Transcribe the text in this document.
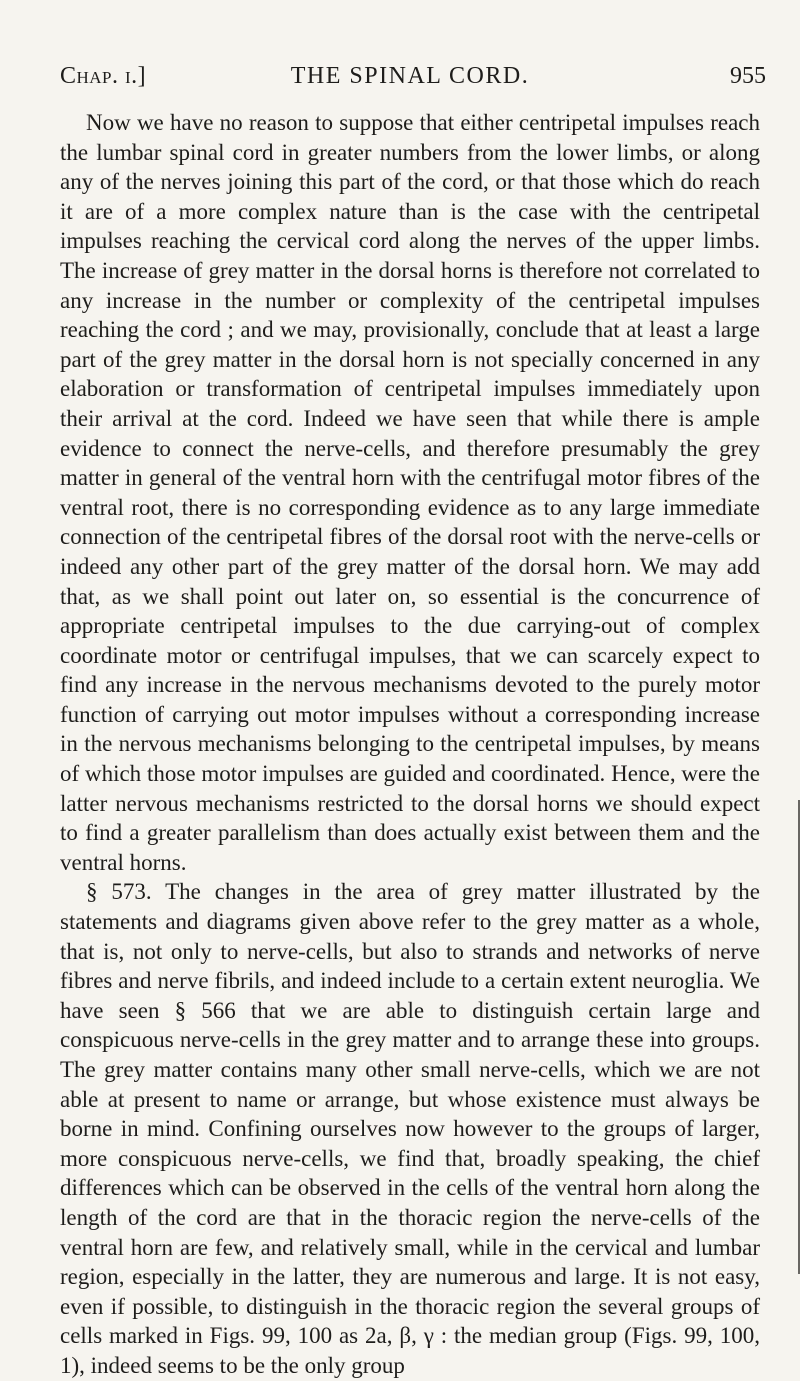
Chap. i.]	THE SPINAL CORD.	955

Now we have no reason to suppose that either centripetal impulses reach the lumbar spinal cord in greater numbers from the lower limbs, or along any of the nerves joining this part of the cord, or that those which do reach it are of a more complex nature than is the case with the centripetal impulses reaching the cervical cord along the nerves of the upper limbs. The increase of grey matter in the dorsal horns is therefore not correlated to any increase in the number or complexity of the centripetal impulses reaching the cord ; and we may, provisionally, conclude that at least a large part of the grey matter in the dorsal horn is not specially concerned in any elaboration or transformation of centripetal impulses immediately upon their arrival at the cord. Indeed we have seen that while there is ample evidence to connect the nerve-cells, and therefore presumably the grey matter in general of the ventral horn with the centrifugal motor fibres of the ventral root, there is no corresponding evidence as to any large immediate connection of the centripetal fibres of the dorsal root with the nerve-cells or indeed any other part of the grey matter of the dorsal horn. We may add that, as we shall point out later on, so essential is the concurrence of appropriate centripetal impulses to the due carrying-out of complex coordinate motor or centrifugal impulses, that we can scarcely expect to find any increase in the nervous mechanisms devoted to the purely motor function of carrying out motor impulses without a corresponding increase in the nervous mechanisms belonging to the centripetal impulses, by means of which those motor impulses are guided and coordinated. Hence, were the latter nervous mechanisms restricted to the dorsal horns we should expect to find a greater parallelism than does actually exist between them and the ventral horns.

§ 573. The changes in the area of grey matter illustrated by the statements and diagrams given above refer to the grey matter as a whole, that is, not only to nerve-cells, but also to strands and networks of nerve fibres and nerve fibrils, and indeed include to a certain extent neuroglia. We have seen § 566 that we are able to distinguish certain large and conspicuous nerve-cells in the grey matter and to arrange these into groups. The grey matter contains many other small nerve-cells, which we are not able at present to name or arrange, but whose existence must always be borne in mind. Confining ourselves now however to the groups of larger, more conspicuous nerve-cells, we find that, broadly speaking, the chief differences which can be observed in the cells of the ventral horn along the length of the cord are that in the thoracic region the nerve-cells of the ventral horn are few, and relatively small, while in the cervical and lumbar region, especially in the latter, they are numerous and large. It is not easy, even if possible, to distinguish in the thoracic region the several groups of cells marked in Figs. 99, 100 as 2a, β, γ : the median group (Figs. 99, 100, 1), indeed seems to be the only group
